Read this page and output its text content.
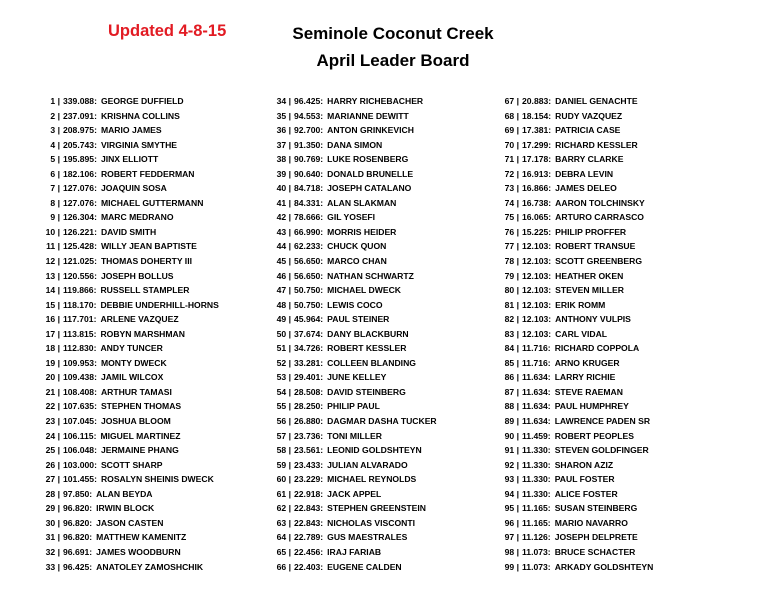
Updated 4-8-15	Seminole Coconut Creek
April Leader Board
1 | 339.088: GEORGE DUFFIELD
2 | 237.091: KRISHNA COLLINS
3 | 208.975: MARIO JAMES
4 | 205.743: VIRGINIA SMYTHE
5 | 195.895: JINX ELLIOTT
6 | 182.106: ROBERT FEDDERMAN
7 | 127.076: JOAQUIN SOSA
8 | 127.076: MICHAEL GUTTERMANN
9 | 126.304: MARC MEDRANO
10 | 126.221: DAVID SMITH
11 | 125.428: WILLY JEAN BAPTISTE
12 | 121.025: THOMAS DOHERTY III
13 | 120.556: JOSEPH BOLLUS
14 | 119.866: RUSSELL STAMPLER
15 | 118.170: DEBBIE UNDERHILL-HORNS
16 | 117.701: ARLENE VAZQUEZ
17 | 113.815: ROBYN MARSHMAN
18 | 112.830: ANDY TUNCER
19 | 109.953: MONTY DWECK
20 | 109.438: JAMIL WILCOX
21 | 108.408: ARTHUR TAMASI
22 | 107.635: STEPHEN THOMAS
23 | 107.045: JOSHUA BLOOM
24 | 106.115: MIGUEL MARTINEZ
25 | 106.048: JERMAINE PHANG
26 | 103.000: SCOTT SHARP
27 | 101.455: ROSALYN SHEINIS DWECK
28 | 97.850: ALAN BEYDA
29 | 96.820: IRWIN BLOCK
30 | 96.820: JASON CASTEN
31 | 96.820: MATTHEW KAMENITZ
32 | 96.691: JAMES WOODBURN
33 | 96.425: ANATOLEY ZAMOSHCHIK
34 | 96.425: HARRY RICHEBACHER
35 | 94.553: MARIANNE DEWITT
36 | 92.700: ANTON GRINKEVICH
37 | 91.350: DANA SIMON
38 | 90.769: LUKE ROSENBERG
39 | 90.640: DONALD BRUNELLE
40 | 84.718: JOSEPH CATALANO
41 | 84.331: ALAN SLAKMAN
42 | 78.666: GIL YOSEFI
43 | 66.990: MORRIS HEIDER
44 | 62.233: CHUCK QUON
45 | 56.650: MARCO CHAN
46 | 56.650: NATHAN SCHWARTZ
47 | 50.750: MICHAEL DWECK
48 | 50.750: LEWIS COCO
49 | 45.964: PAUL STEINER
50 | 37.674: DANY BLACKBURN
51 | 34.726: ROBERT KESSLER
52 | 33.281: COLLEEN BLANDING
53 | 29.401: JUNE KELLEY
54 | 28.508: DAVID STEINBERG
55 | 28.250: PHILIP PAUL
56 | 26.880: DAGMAR DASHA TUCKER
57 | 23.736: TONI MILLER
58 | 23.561: LEONID GOLDSHTEYN
59 | 23.433: JULIAN ALVARADO
60 | 23.229: MICHAEL REYNOLDS
61 | 22.918: JACK APPEL
62 | 22.843: STEPHEN GREENSTEIN
63 | 22.843: NICHOLAS VISCONTI
64 | 22.789: GUS MAESTRALES
65 | 22.456: IRAJ FARIAB
66 | 22.403: EUGENE CALDEN
67 | 20.883: DANIEL GENACHTE
68 | 18.154: RUDY VAZQUEZ
69 | 17.381: PATRICIA CASE
70 | 17.299: RICHARD KESSLER
71 | 17.178: BARRY CLARKE
72 | 16.913: DEBRA LEVIN
73 | 16.866: JAMES DELEO
74 | 16.738: AARON TOLCHINSKY
75 | 16.065: ARTURO CARRASCO
76 | 15.225: PHILIP PROFFER
77 | 12.103: ROBERT TRANSUE
78 | 12.103: SCOTT GREENBERG
79 | 12.103: HEATHER OKEN
80 | 12.103: STEVEN MILLER
81 | 12.103: ERIK ROMM
82 | 12.103: ANTHONY VULPIS
83 | 12.103: CARL VIDAL
84 | 11.716: RICHARD COPPOLA
85 | 11.716: ARNO KRUGER
86 | 11.634: LARRY RICHIE
87 | 11.634: STEVE RAEMAN
88 | 11.634: PAUL HUMPHREY
89 | 11.634: LAWRENCE PADEN SR
90 | 11.459: ROBERT PEOPLES
91 | 11.330: STEVEN GOLDFINGER
92 | 11.330: SHARON AZIZ
93 | 11.330: PAUL FOSTER
94 | 11.330: ALICE FOSTER
95 | 11.165: SUSAN STEINBERG
96 | 11.165: MARIO NAVARRO
97 | 11.126: JOSEPH DELPRETE
98 | 11.073: BRUCE SCHACTER
99 | 11.073: ARKADY GOLDSHTEYN
